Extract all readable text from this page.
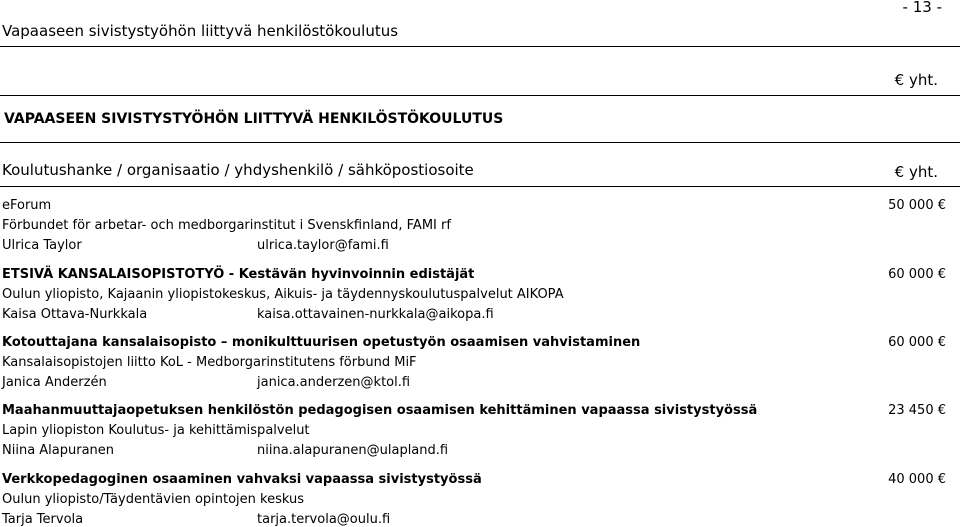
- 13 -
Vapaaseen sivistystyöhön liittyvä henkilöstökoulutus
€ yht.
VAPAASEEN SIVISTYSTYÖHÖN LIITTYVÄ HENKILÖSTÖKOULUTUS
Koulutushanke / organisaatio / yhdyshenkilö / sähköpostiosoite	€ yht.
eForum	50 000 €
Förbundet för arbetar- och medborgarinstitut i Svenskfinland, FAMI rf
Ulrica Taylor	ulrica.taylor@fami.fi
ETSIVÄ KANSALAISOPISTOTYÖ - Kestävän hyvinvoinnin edistäjät	60 000 €
Oulun yliopisto, Kajaanin yliopistokeskus, Aikuis- ja täydennyskoulutuspalvelut AIKOPA
Kaisa Ottava-Nurkkala	kaisa.ottavainen-nurkkala@aikopa.fi
Kotouttajana kansalaisopisto – monikulttuurisen opetustyön osaamisen vahvistaminen	60 000 €
Kansalaisopistojen liitto KoL - Medborgarinstitutens förbund MiF
Janica Anderzén	janica.anderzen@ktol.fi
Maahanmuuttajaopetuksen henkilöstön pedagogisen osaamisen kehittäminen vapaassa sivistystyössä	23 450 €
Lapin yliopiston Koulutus- ja kehittämispalvelut
Niina Alapuranen	niina.alapuranen@ulapland.fi
Verkkopedagoginen osaaminen vahvaksi vapaassa sivistystyössä	40 000 €
Oulun yliopisto/Täydentävien opintojen keskus
Tarja Tervola	tarja.tervola@oulu.fi
